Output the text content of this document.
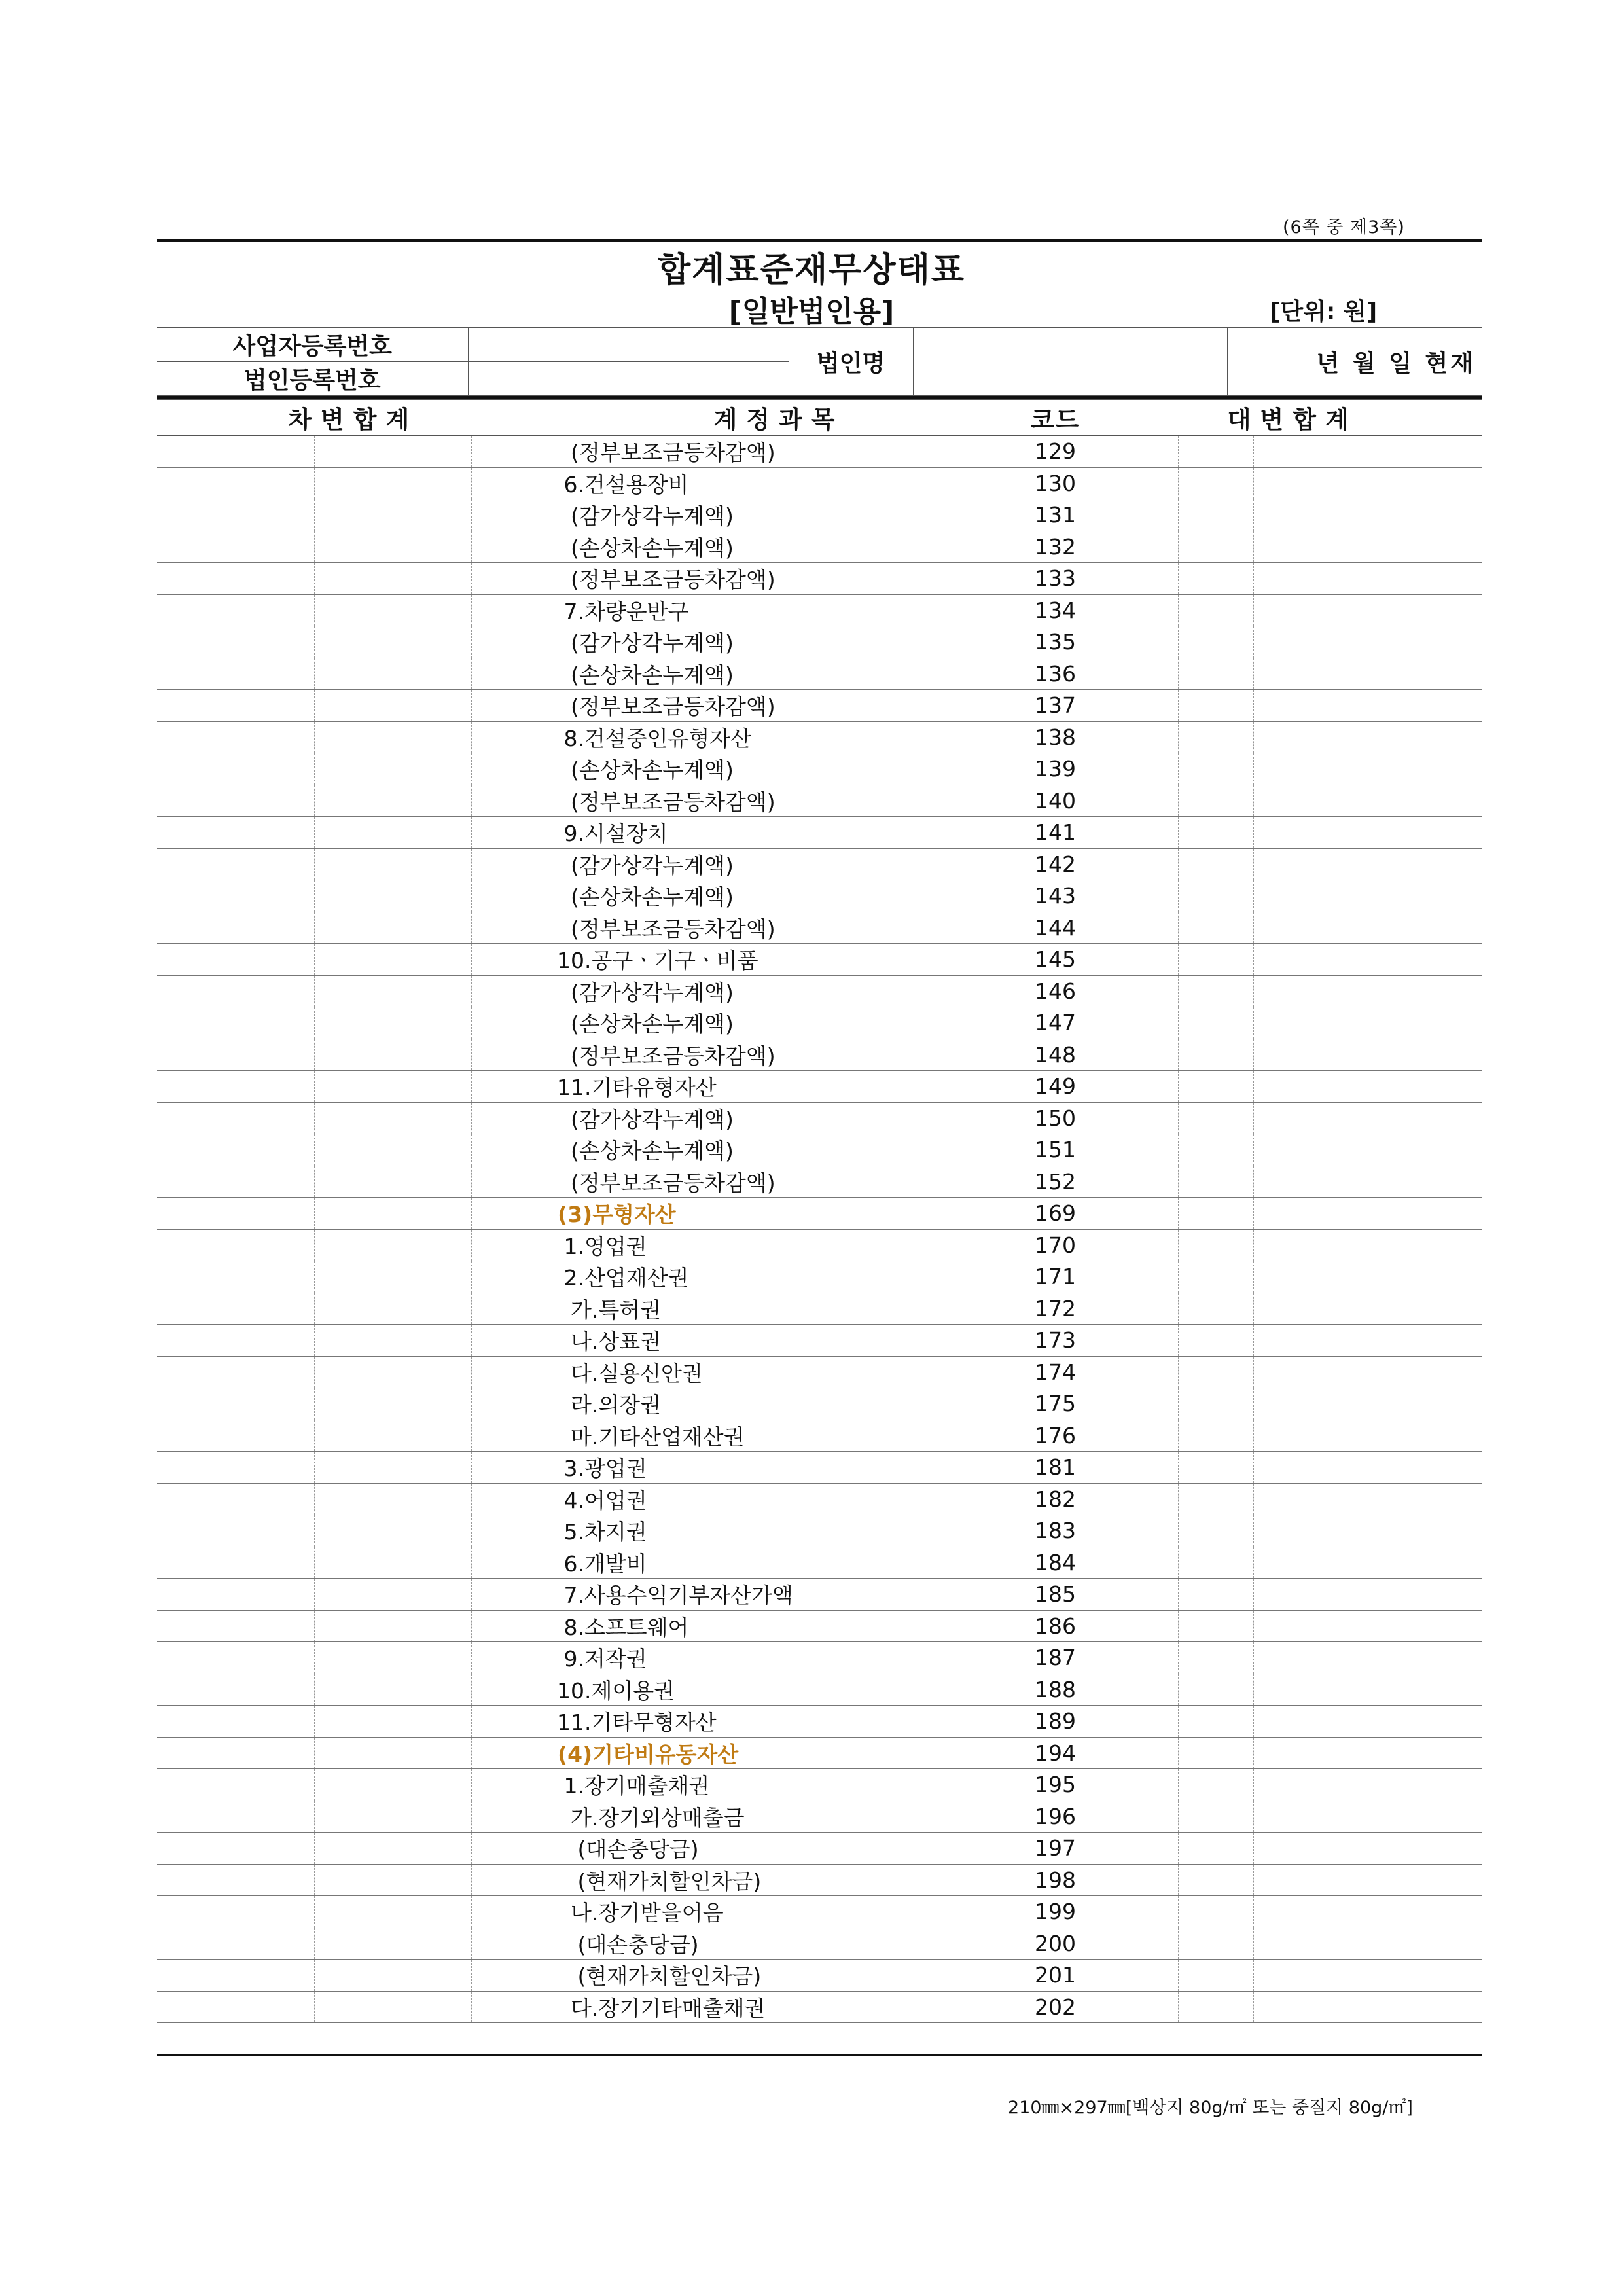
(6쪽 중 제3쪽)
합계표준재무상태표
[일반법인용]	[단위: 원]
사업자등록번호		법인명		년 월 일 현재
법인등록번호				
차변합계					계정과목	코드	대변합계				
					(정부보조금등차감액)	129					
					6.건설용장비	130					
					(감가상각누계액)	131					
					(손상차손누계액)	132					
					(정부보조금등차감액)	133					
					7.차량운반구	134					
					(감가상각누계액)	135					
					(손상차손누계액)	136					
					(정부보조금등차감액)	137					
					8.건설중인유형자산	138					
					(손상차손누계액)	139					
					(정부보조금등차감액)	140					
					9.시설장치	141					
					(감가상각누계액)	142					
					(손상차손누계액)	143					
					(정부보조금등차감액)	144					
					10.공구ㆍ기구ㆍ비품	145					
					(감가상각누계액)	146					
					(손상차손누계액)	147					
					(정부보조금등차감액)	148					
					11.기타유형자산	149					
					(감가상각누계액)	150					
					(손상차손누계액)	151					
					(정부보조금등차감액)	152					
					(3)무형자산	169					
					1.영업권	170					
					2.산업재산권	171					
					가.특허권	172					
					나.상표권	173					
					다.실용신안권	174					
					라.의장권	175					
					마.기타산업재산권	176					
					3.광업권	181					
					4.어업권	182					
					5.차지권	183					
					6.개발비	184					
					7.사용수익기부자산가액	185					
					8.소프트웨어	186					
					9.저작권	187					
					10.제이용권	188					
					11.기타무형자산	189					
					(4)기타비유동자산	194					
					1.장기매출채권	195					
					가.장기외상매출금	196					
					(대손충당금)	197					
					(현재가치할인차금)	198					
					나.장기받을어음	199					
					(대손충당금)	200					
					(현재가치할인차금)	201					
					다.장기기타매출채권	202					
210㎜×297㎜[백상지 80g/㎡ 또는 중질지 80g/㎡]
